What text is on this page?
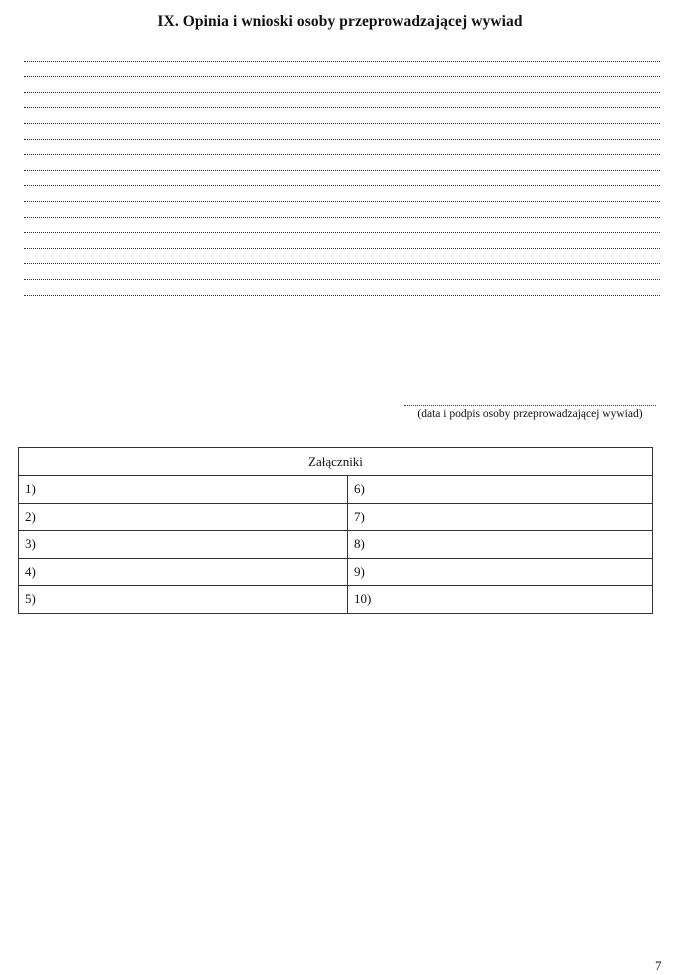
IX. Opinia i wnioski osoby przeprowadzającej wywiad
(data i podpis osoby przeprowadzającej wywiad)
Załączniki	
1)	6)
2)	7)
3)	8)
4)	9)
5)	10)
7
